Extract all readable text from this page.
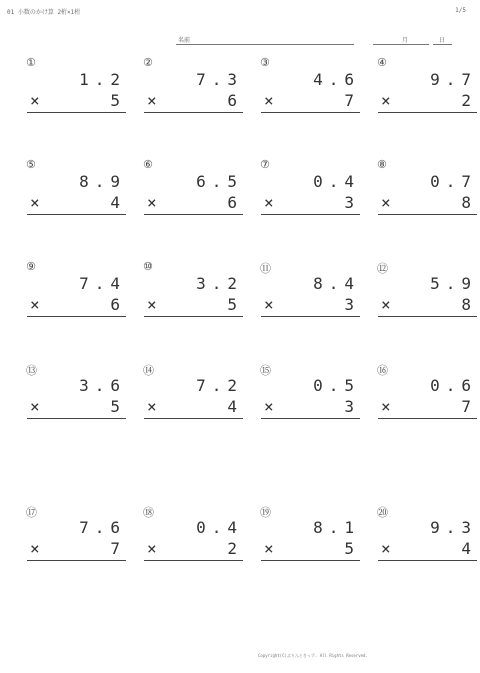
01 小数のかけ算 2桁×1桁	1/5
名前	月	日
①
1.2
×	5
②
7.3
×	6
③
4.6
×	7
④
9.7
×	2
⑤
8.9
×	4
⑥
6.5
×	6
⑦
0.4
×	3
⑧
0.7
×	8
⑨
7.4
×	6
⑩
3.2
×	5
⑪
8.4
×	3
⑫
5.9
×	8
⑬
3.6
×	5
⑭
7.2
×	4
⑮
0.5
×	3
⑯
0.6
×	7
⑰
7.6
×	7
⑱
0.4
×	2
⑲
8.1
×	5
⑳
9.3
×	4
Copyright(C)ぷりんときっず. All Rights Reserved.
